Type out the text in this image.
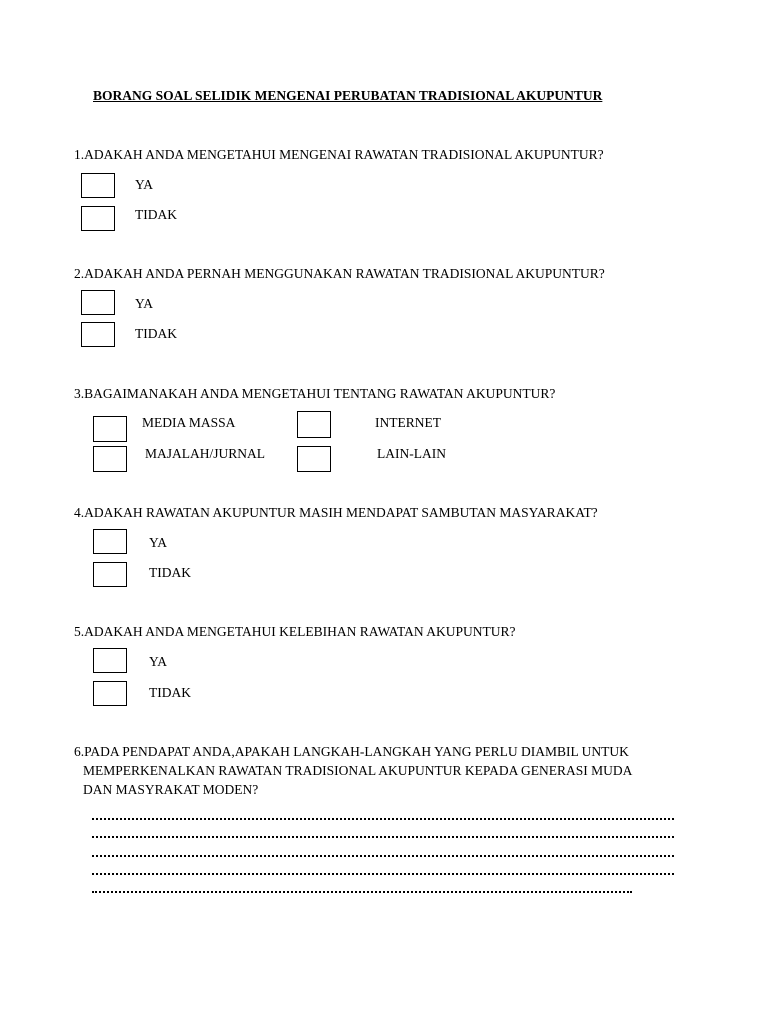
BORANG SOAL SELIDIK MENGENAI PERUBATAN TRADISIONAL AKUPUNTUR
1.ADAKAH ANDA MENGETAHUI MENGENAI RAWATAN TRADISIONAL AKUPUNTUR?
YA
TIDAK
2.ADAKAH ANDA PERNAH MENGGUNAKAN RAWATAN TRADISIONAL AKUPUNTUR?
YA
TIDAK
3.BAGAIMANAKAH ANDA MENGETAHUI TENTANG RAWATAN AKUPUNTUR?
MEDIA MASSA	INTERNET
MAJALAH/JURNAL	LAIN-LAIN
4.ADAKAH RAWATAN AKUPUNTUR MASIH MENDAPAT SAMBUTAN MASYARAKAT?
YA
TIDAK
5.ADAKAH ANDA MENGETAHUI KELEBIHAN RAWATAN AKUPUNTUR?
YA
TIDAK
6.PADA PENDAPAT ANDA,APAKAH LANGKAH-LANGKAH YANG PERLU DIAMBIL UNTUK
MEMPERKENALKAN RAWATAN TRADISIONAL AKUPUNTUR KEPADA GENERASI MUDA
DAN MASYRAKAT MODEN?
